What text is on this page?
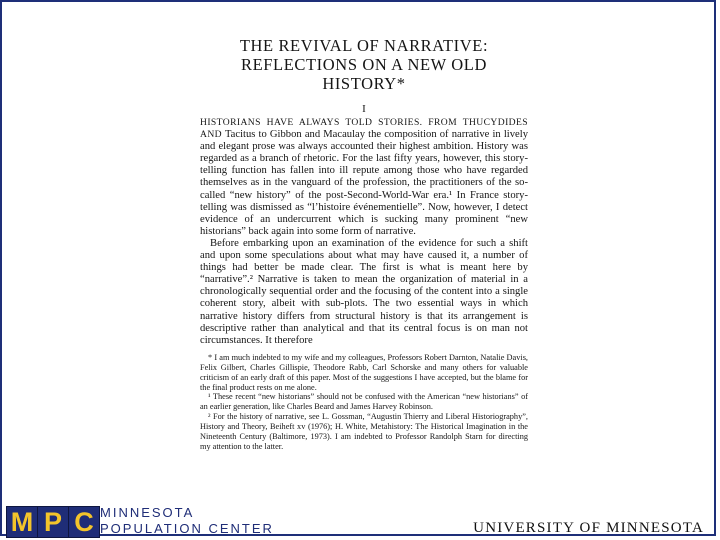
THE REVIVAL OF NARRATIVE:
REFLECTIONS ON A NEW OLD HISTORY*
I

HISTORIANS HAVE ALWAYS TOLD STORIES. FROM THUCYDIDES AND Tacitus to Gibbon and Macaulay the composition of narrative in lively and elegant prose was always accounted their highest ambition. History was regarded as a branch of rhetoric. For the last fifty years, however, this story-telling function has fallen into ill repute among those who have regarded themselves as in the vanguard of the profession, the practitioners of the so-called “new history” of the post-Second-World-War era.¹ In France story-telling was dismissed as “l’histoire événementielle”. Now, however, I detect evidence of an undercurrent which is sucking many prominent “new historians” back again into some form of narrative.

Before embarking upon an examination of the evidence for such a shift and upon some speculations about what may have caused it, a number of things had better be made clear. The first is what is meant here by “narrative”.² Narrative is taken to mean the organization of material in a chronologically sequential order and the focusing of the content into a single coherent story, albeit with sub-plots. The two essential ways in which narrative history differs from structural history is that its arrangement is descriptive rather than analytical and that its central focus is on man not circumstances. It therefore

* I am much indebted to my wife and my colleagues, Professors Robert Darnton, Natalie Davis, Felix Gilbert, Charles Gillispie, Theodore Rabb, Carl Schorske and many others for valuable criticism of an early draft of this paper. Most of the suggestions I have accepted, but the blame for the final product rests on me alone.

¹ These recent “new historians” should not be confused with the American “new historians” of an earlier generation, like Charles Beard and James Harvey Robinson.

² For the history of narrative, see L. Gossman, “Augustin Thierry and Liberal Historiography”, History and Theory, Beiheft xv (1976); H. White, Metahistory: The Historical Imagination in the Nineteenth Century (Baltimore, 1973). I am indebted to Professor Randolph Starn for directing my attention to the latter.

M P C MINNESOTA
POPULATION CENTER	UNIVERSITY OF MINNESOTA
